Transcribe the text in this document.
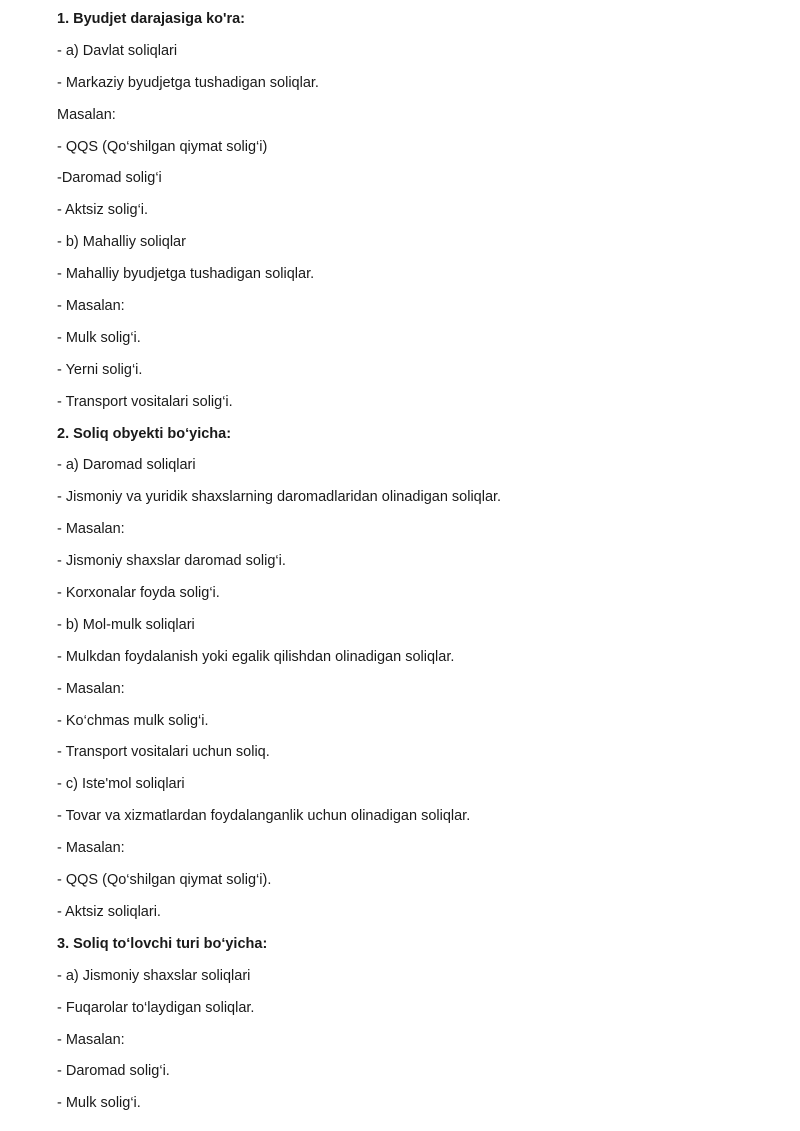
1. Byudjet darajasiga ko'ra:
- a) Davlat soliqlari
- Markaziy byudjetga tushadigan soliqlar.
Masalan:
- QQS (Qo‘shilgan qiymat solig‘i)
-Daromad solig‘i
- Aktsiz solig‘i.
- b) Mahalliy soliqlar
- Mahalliy byudjetga tushadigan soliqlar.
- Masalan:
- Mulk solig‘i.
- Yerni solig‘i.
- Transport vositalari solig‘i.
2. Soliq obyekti bo‘yicha:
- a) Daromad soliqlari
- Jismoniy va yuridik shaxslarning daromadlaridan olinadigan soliqlar.
- Masalan:
- Jismoniy shaxslar daromad solig‘i.
- Korxonalar foyda solig‘i.
- b) Mol-mulk soliqlari
- Mulkdan foydalanish yoki egalik qilishdan olinadigan soliqlar.
- Masalan:
- Ko‘chmas mulk solig‘i.
- Transport vositalari uchun soliq.
- c) Iste'mol soliqlari
- Tovar va xizmatlardan foydalanganlik uchun olinadigan soliqlar.
- Masalan:
- QQS (Qo‘shilgan qiymat solig‘i).
- Aktsiz soliqlari.
3. Soliq to‘lovchi turi bo‘yicha:
- a) Jismoniy shaxslar soliqlari
- Fuqarolar to‘laydigan soliqlar.
- Masalan:
- Daromad solig‘i.
- Mulk solig‘i.
